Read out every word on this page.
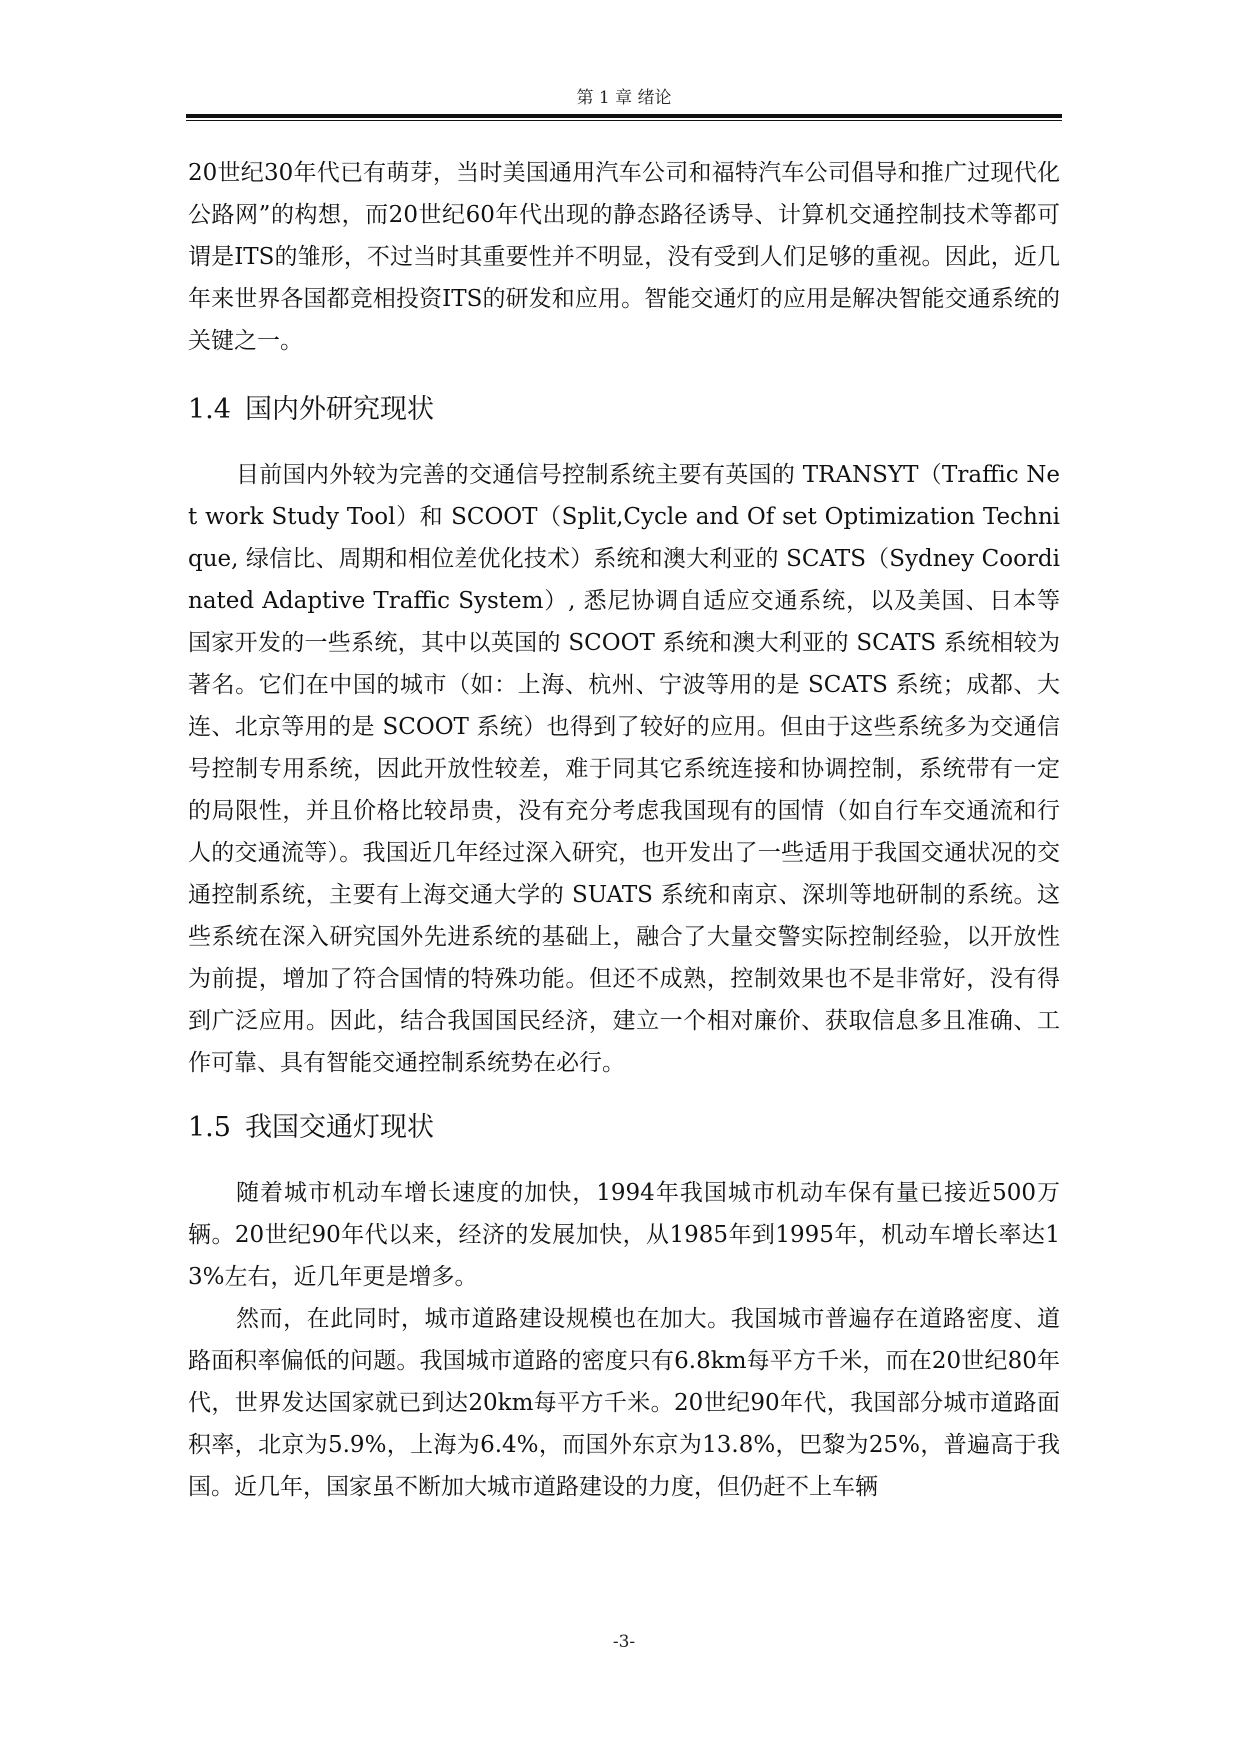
第 1 章 绪论

20世纪30年代已有萌芽，当时美国通用汽车公司和福特汽车公司倡导和推广过现代化公路网”的构想，而20世纪60年代出现的静态路径诱导、计算机交通控制技术等都可谓是ITS的雏形，不过当时其重要性并不明显，没有受到人们足够的重视。因此，近几年来世界各国都竞相投资ITS的研发和应用。智能交通灯的应用是解决智能交通系统的关键之一。

1.4 国内外研究现状

目前国内外较为完善的交通信号控制系统主要有英国的 TRANSYT（Traffic Net work Study Tool）和 SCOOT（Split,Cycle and Of set Optimization Technique, 绿信比、周期和相位差优化技术）系统和澳大利亚的 SCATS（Sydney Coordinated Adaptive Traffic System）, 悉尼协调自适应交通系统，以及美国、日本等国家开发的一些系统，其中以英国的 SCOOT 系统和澳大利亚的 SCATS 系统相较为著名。它们在中国的城市（如：上海、杭州、宁波等用的是 SCATS 系统；成都、大连、北京等用的是 SCOOT 系统）也得到了较好的应用。但由于这些系统多为交通信号控制专用系统，因此开放性较差，难于同其它系统连接和协调控制，系统带有一定的局限性，并且价格比较昂贵，没有充分考虑我国现有的国情（如自行车交通流和行人的交通流等）。我国近几年经过深入研究，也开发出了一些适用于我国交通状况的交通控制系统，主要有上海交通大学的 SUATS 系统和南京、深圳等地研制的系统。这些系统在深入研究国外先进系统的基础上，融合了大量交警实际控制经验，以开放性为前提，增加了符合国情的特殊功能。但还不成熟，控制效果也不是非常好，没有得到广泛应用。因此，结合我国国民经济，建立一个相对廉价、获取信息多且准确、工作可靠、具有智能交通控制系统势在必行。

1.5 我国交通灯现状

随着城市机动车增长速度的加快，1994年我国城市机动车保有量已接近500万辆。20世纪90年代以来，经济的发展加快，从1985年到1995年，机动车增长率达13%左右，近几年更是增多。

然而，在此同时，城市道路建设规模也在加大。我国城市普遍存在道路密度、道路面积率偏低的问题。我国城市道路的密度只有6.8km每平方千米，而在20世纪80年代，世界发达国家就已到达20km每平方千米。20世纪90年代，我国部分城市道路面积率，北京为5.9%，上海为6.4%，而国外东京为13.8%，巴黎为25%，普遍高于我国。近几年，国家虽不断加大城市道路建设的力度，但仍赶不上车辆

-3-
